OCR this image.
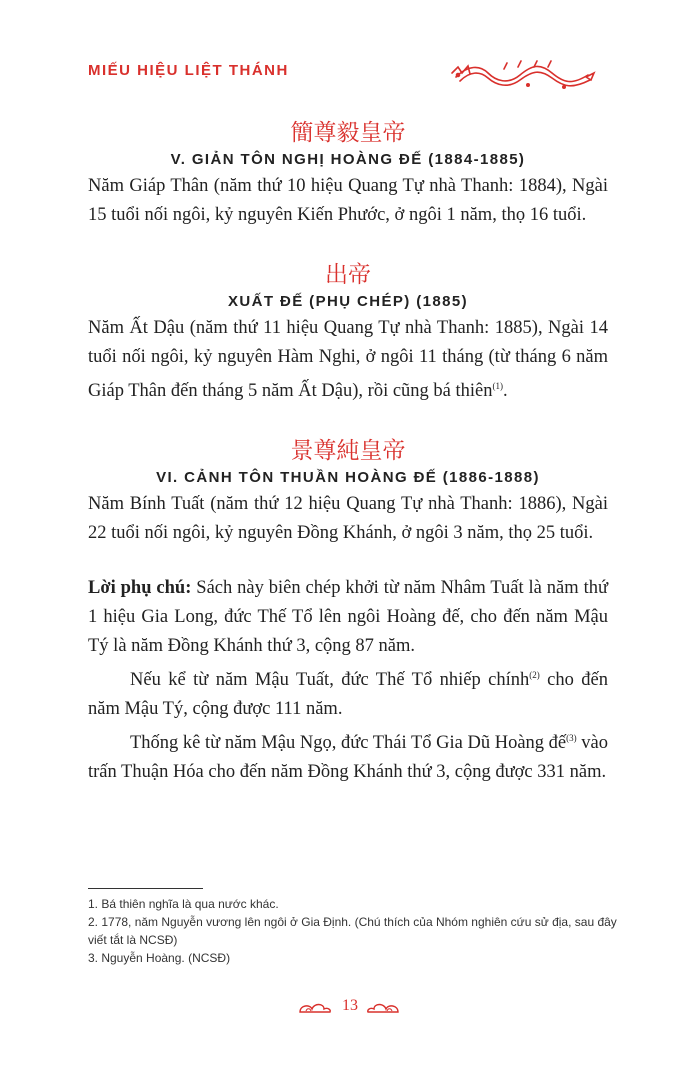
MIẾU HIỆU LIỆT THÁNH
簡尊毅皇帝
V. GIẢN TÔN NGHỊ HOÀNG ĐẾ (1884-1885)

Năm Giáp Thân (năm thứ 10 hiệu Quang Tự nhà Thanh: 1884), Ngài 15 tuổi nối ngôi, kỷ nguyên Kiến Phước, ở ngôi 1 năm, thọ 16 tuổi.

出帝
XUẤT ĐẾ (PHỤ CHÉP) (1885)

Năm Ất Dậu (năm thứ 11 hiệu Quang Tự nhà Thanh: 1885), Ngài 14 tuổi nối ngôi, kỷ nguyên Hàm Nghi, ở ngôi 11 tháng (từ tháng 6 năm Giáp Thân đến tháng 5 năm Ất Dậu), rồi cũng bá thiên$^{(1)}$.

景尊純皇帝
VI. CẢNH TÔN THUẦN HOÀNG ĐẾ (1886-1888)

Năm Bính Tuất (năm thứ 12 hiệu Quang Tự nhà Thanh: 1886), Ngài 22 tuổi nối ngôi, kỷ nguyên Đồng Khánh, ở ngôi 3 năm, thọ 25 tuổi.

Lời phụ chú: Sách này biên chép khởi từ năm Nhâm Tuất là năm thứ 1 hiệu Gia Long, đức Thế Tổ lên ngôi Hoàng đế, cho đến năm Mậu Tý là năm Đồng Khánh thứ 3, cộng 87 năm.

Nếu kể từ năm Mậu Tuất, đức Thế Tổ nhiếp chính$^{(2)}$ cho đến năm Mậu Tý, cộng được 111 năm.

Thống kê từ năm Mậu Ngọ, đức Thái Tổ Gia Dũ Hoàng đế$^{(3)}$ vào trấn Thuận Hóa cho đến năm Đồng Khánh thứ 3, cộng được 331 năm.

1. Bá thiên nghĩa là qua nước khác.

2. 1778, năm Nguyễn vương lên ngôi ở Gia Định. (Chú thích của Nhóm nghiên cứu sử địa, sau đây viết tắt là NCSĐ)

3. Nguyễn Hoàng. (NCSĐ)

13
